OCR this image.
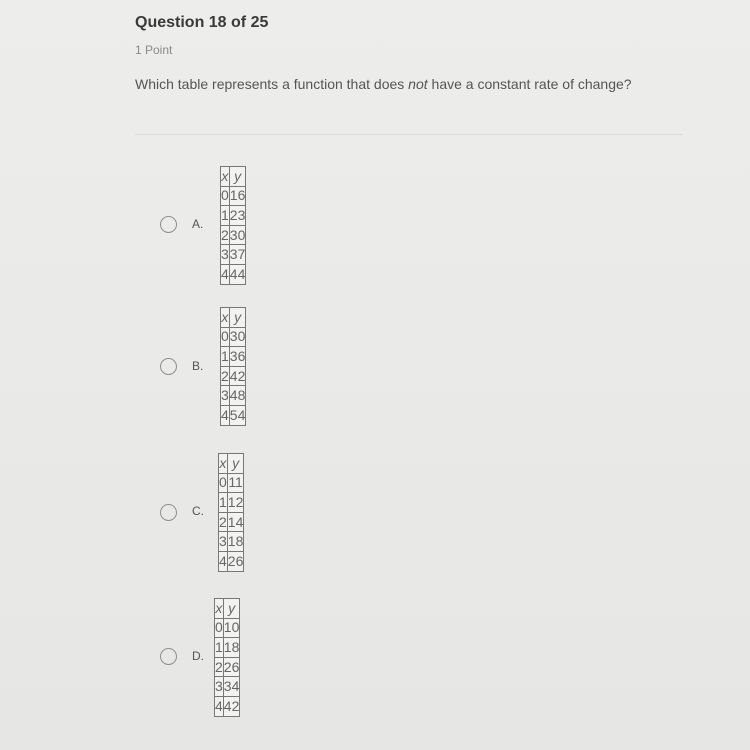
Question 18 of 25
1 Point
Which table represents a function that does not have a constant rate of change?
A.
x	y
0	16
1	23
2	30
3	37
4	44
B.
x	y
0	30
1	36
2	42
3	48
4	54
C.
x	y
0	11
1	12
2	14
3	18
4	26
D.
x	y
0	10
1	18
2	26
3	34
4	42
